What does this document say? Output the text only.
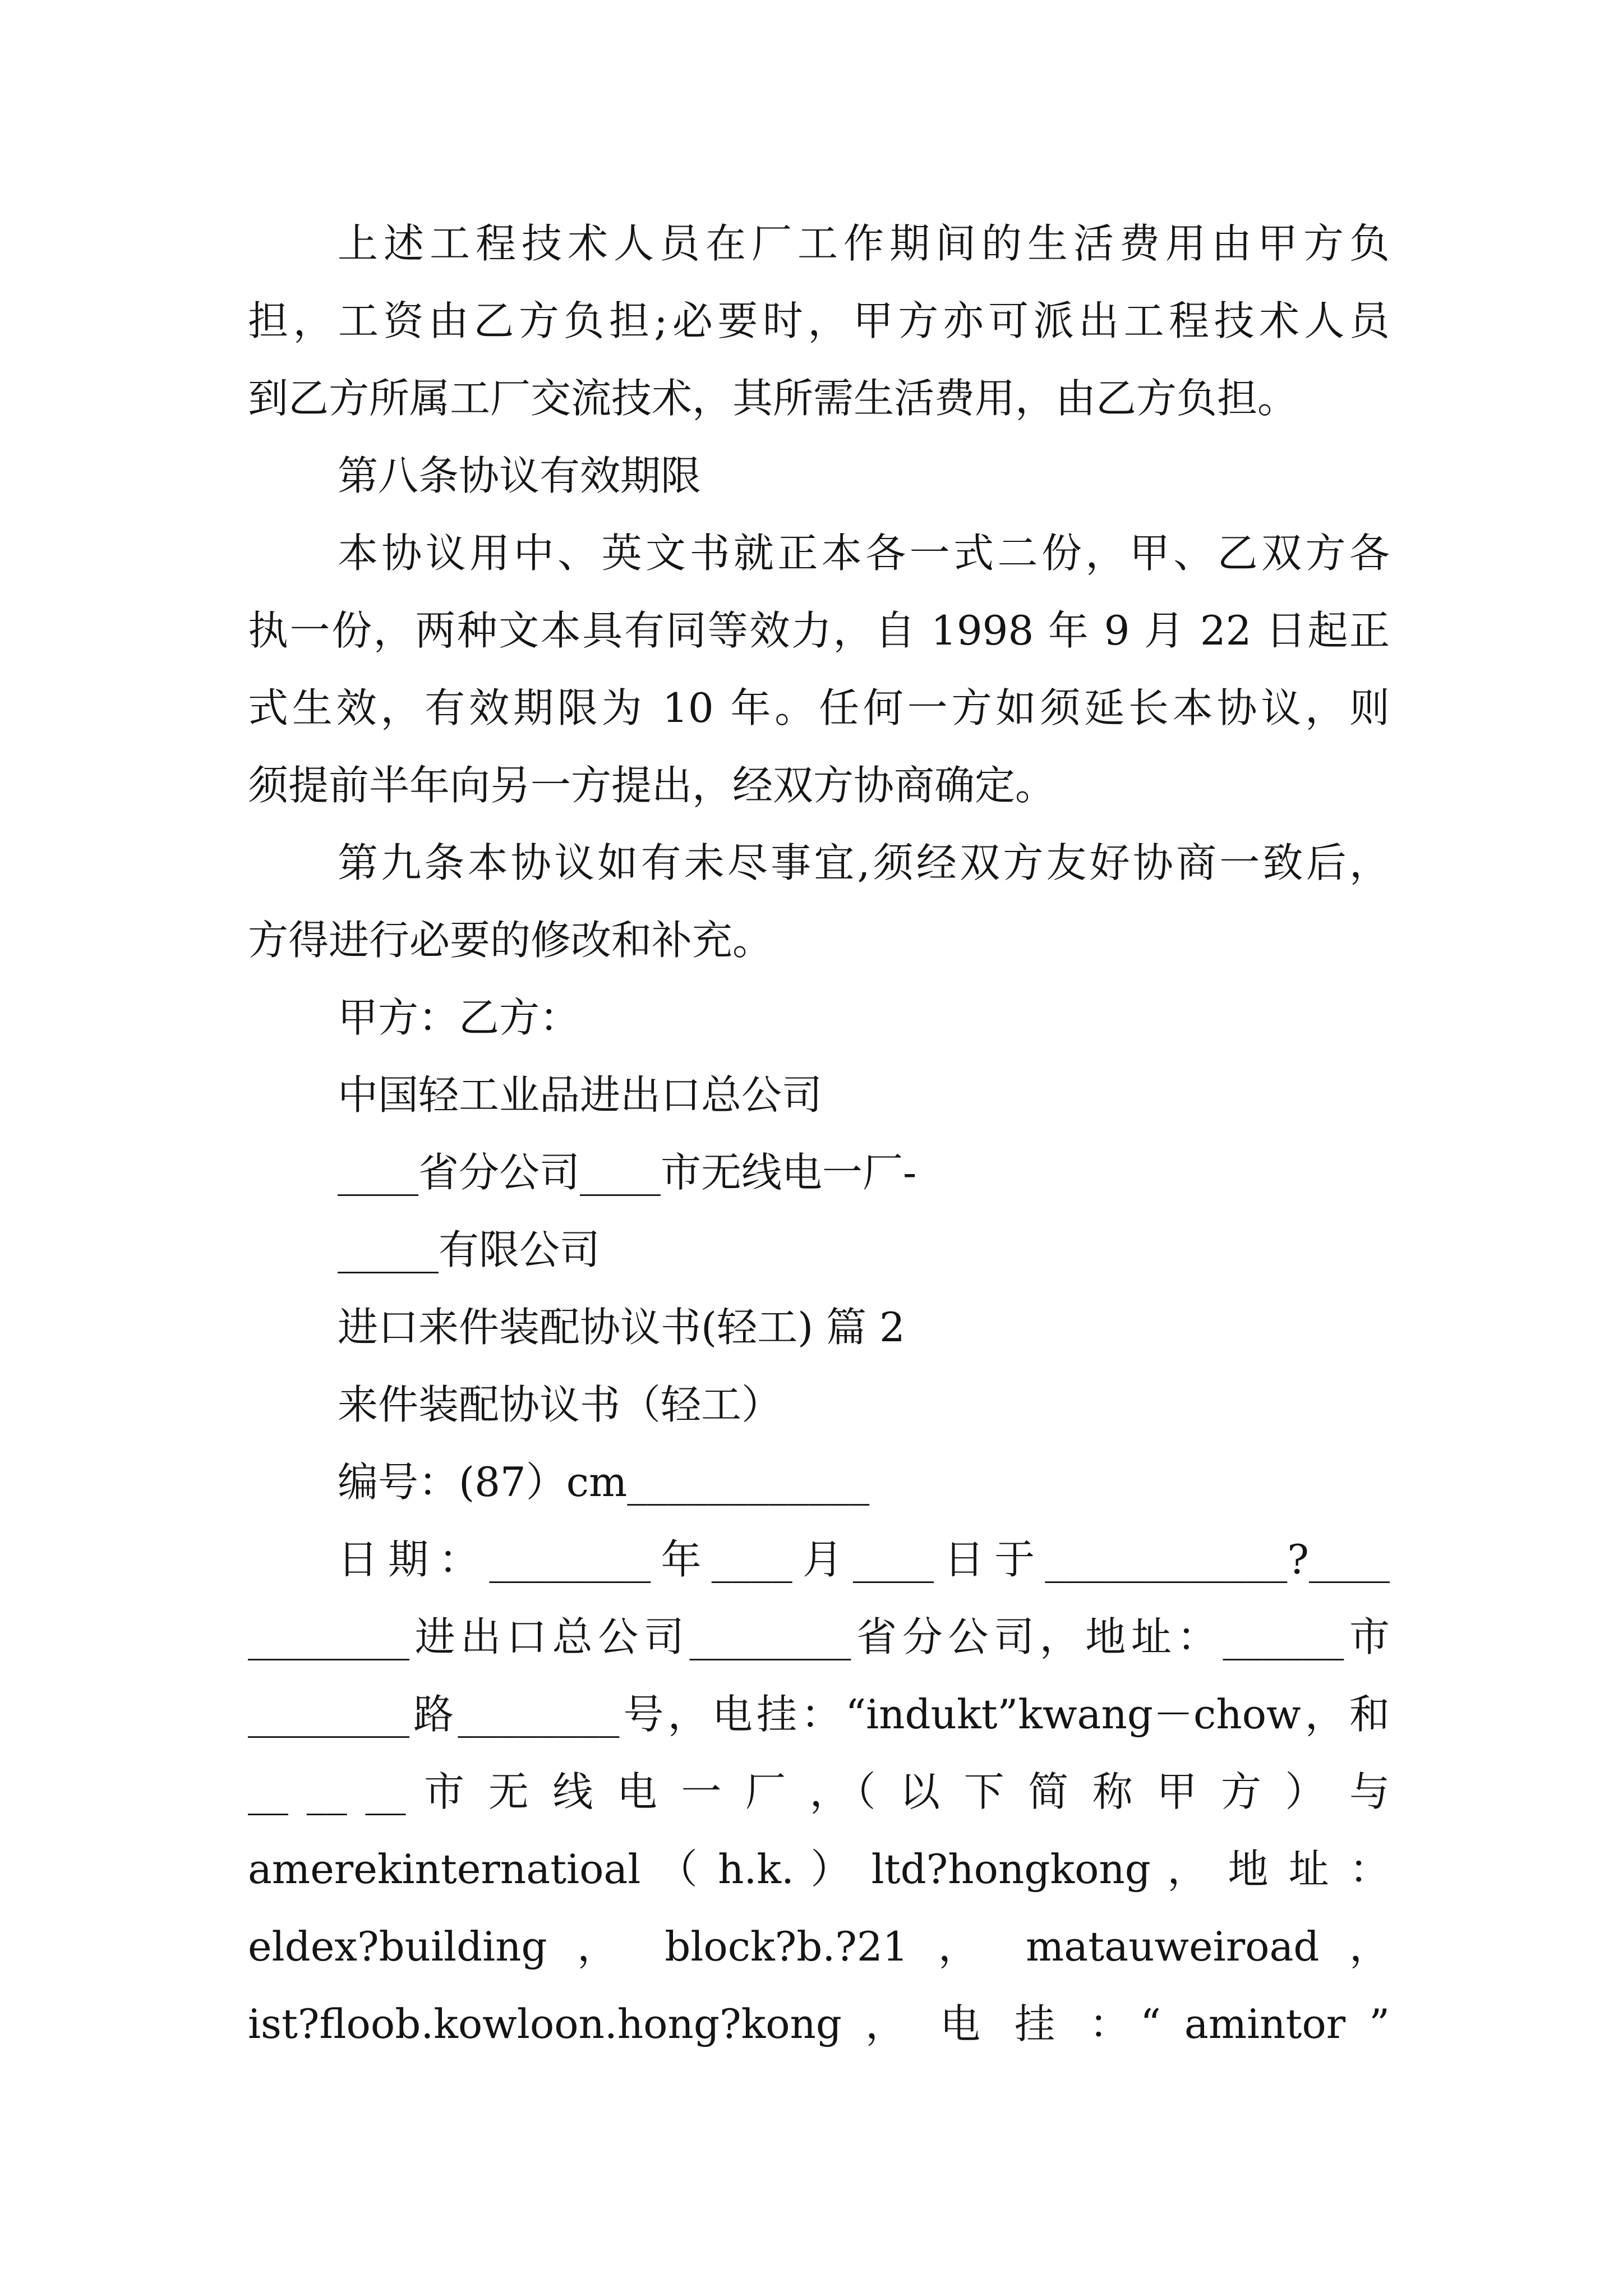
上述工程技术人员在厂工作期间的生活费用由甲方负
担，工资由乙方负担;必要时，甲方亦可派出工程技术人员
到乙方所属工厂交流技术，其所需生活费用，由乙方负担。
第八条协议有效期限
本协议用中、英文书就正本各一式二份，甲、乙双方各
执一份，两种文本具有同等效力，自 1998 年 9 月 22 日起正
式生效，有效期限为 10 年。任何一方如须延长本协议，则
须提前半年向另一方提出，经双方协商确定。
第九条本协议如有未尽事宜,须经双方友好协商一致后，
方得进行必要的修改和补充。
甲方：乙方：
中国轻工业品进出口总公司
____省分公司____市无线电一厂-
_____有限公司
进口来件装配协议书(轻工) 篇 2
来件装配协议书（轻工）
编号：(87）cm____________
日期：________年____月____日于____________?____
________进出口总公司________省分公司，地址：______市
________路________号，电挂：“indukt”kwang－chow，和
__ __ __ 市 无 线 电 一 厂 ，（ 以 下 简 称 甲 方 ） 与
amerekinternatioal （ h.k. ） ltd?hongkong ， 地 址 ：
eldex?building ， block?b.?21 ， matauweiroad ，
ist?floob.kowloon.hong?kong ， 电 挂 ：“ amintor ”
